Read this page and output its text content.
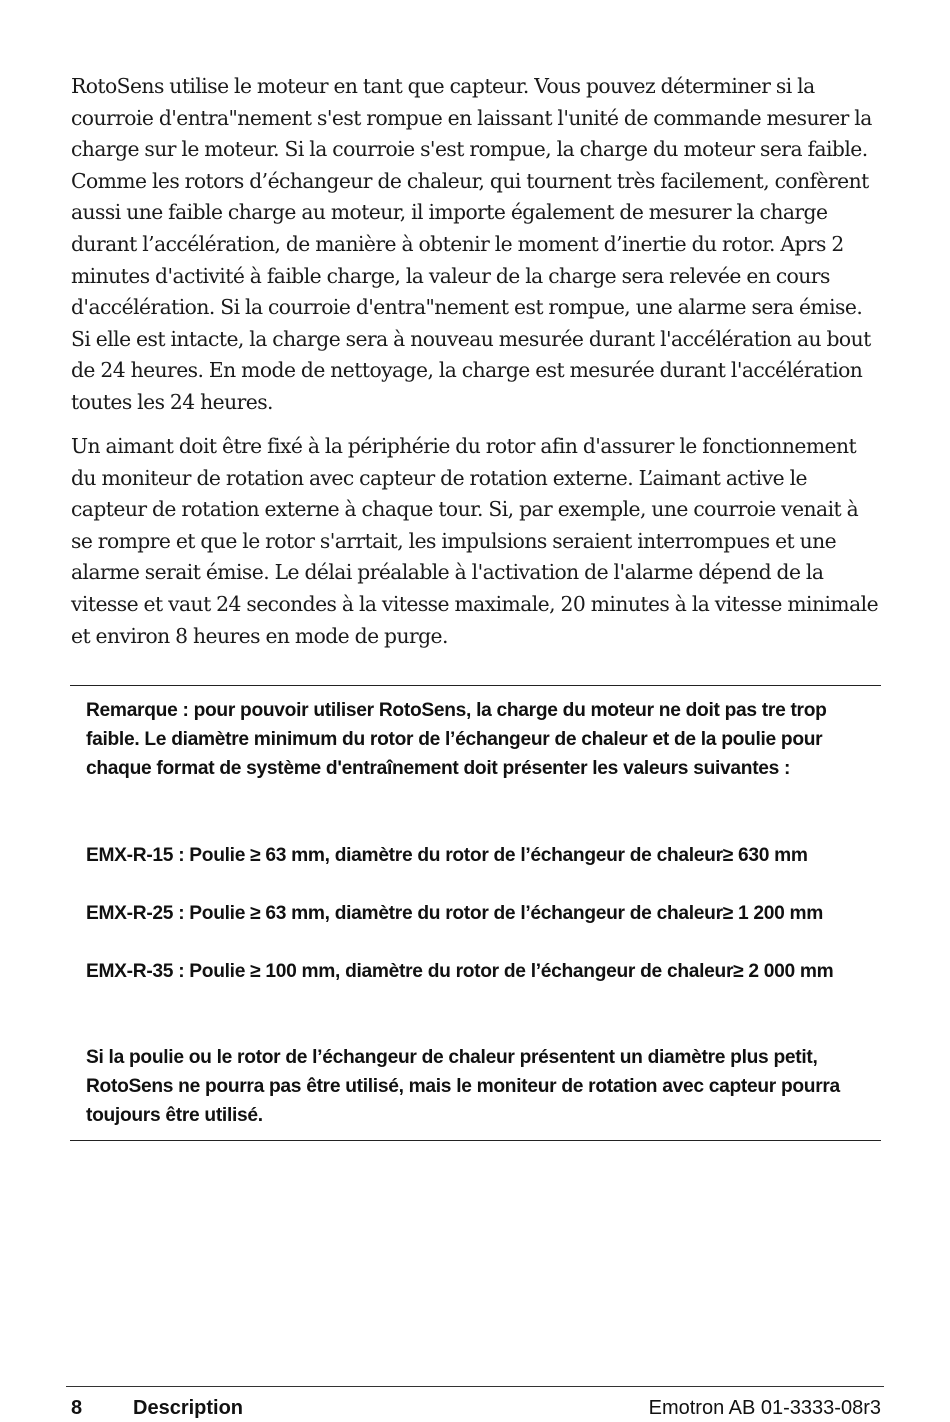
RotoSens utilise le moteur en tant que capteur. Vous pouvez déterminer si la courroie d'entra"nement s'est rompue en laissant l'unité de commande mesurer la charge sur le moteur. Si la courroie s'est rompue, la charge du moteur sera faible. Comme les rotors d’échangeur de chaleur, qui tournent très facilement, confèrent aussi une faible charge au moteur, il importe également de mesurer la charge durant l’accélération, de manière à obtenir le moment d’inertie du rotor. Aprs 2 minutes d'activité à faible charge, la valeur de la charge sera relevée en cours d'accélération. Si la courroie d'entra"nement est rompue, une alarme sera émise. Si elle est intacte, la charge sera à nouveau mesurée durant l'accélération au bout de 24 heures. En mode de nettoyage, la charge est mesurée durant l'accélération toutes les 24 heures.

Un aimant doit être fixé à la périphérie du rotor afin d'assurer le fonctionnement du moniteur de rotation avec capteur de rotation externe. L’aimant active le capteur de rotation externe à chaque tour. Si, par exemple, une courroie venait à se rompre et que le rotor s'arrtait, les impulsions seraient interrompues et une alarme serait émise. Le délai préalable à l'activation de l'alarme dépend de la vitesse et vaut 24 secondes à la vitesse maximale, 20 minutes à la vitesse minimale et environ 8 heures en mode de purge.

Remarque : pour pouvoir utiliser RotoSens, la charge du moteur ne doit pas tre trop faible. Le diamètre minimum du rotor de l’échangeur de chaleur et de la poulie pour chaque format de système d'entraînement doit présenter les valeurs suivantes :

EMX-R-15 : Poulie ≥ 63 mm, diamètre du rotor de l’échangeur de chaleur≥ 630 mm

EMX-R-25 : Poulie ≥ 63 mm, diamètre du rotor de l’échangeur de chaleur≥ 1 200 mm

EMX-R-35 : Poulie ≥ 100 mm, diamètre du rotor de l’échangeur de chaleur≥ 2 000 mm

Si la poulie ou le rotor de l’échangeur de chaleur présentent un diamètre plus petit, RotoSens ne pourra pas être utilisé, mais le moniteur de rotation avec capteur pourra toujours être utilisé.

8	Description	Emotron AB 01-3333-08r3
